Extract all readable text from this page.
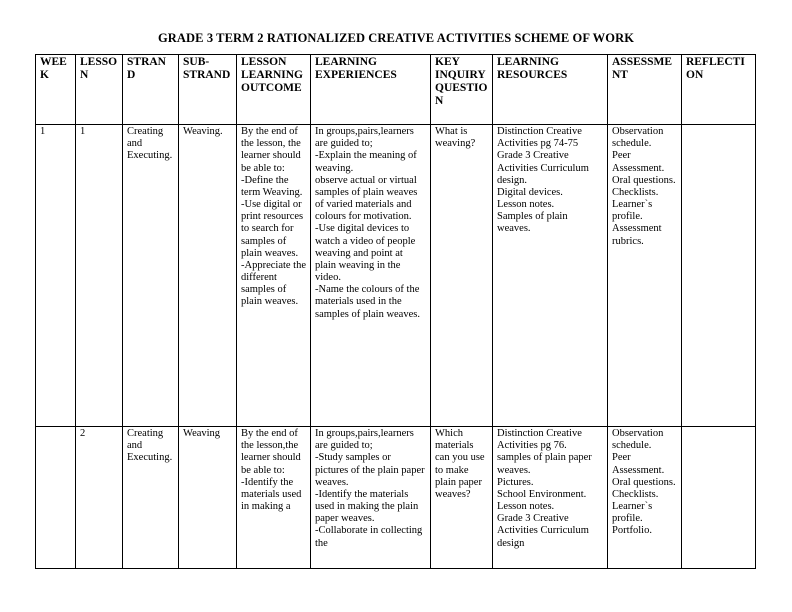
GRADE 3 TERM 2 RATIONALIZED CREATIVE ACTIVITIES SCHEME OF WORK
WEEK	LESSON	STRAND	SUB-STRAND	LESSON LEARNING OUTCOME	LEARNING EXPERIENCES	KEY INQUIRY QUESTION	LEARNING RESOURCES	ASSESSMENT	REFLECTION
1	1	Creating and Executing.	Weaving.	By the end of the lesson, the learner should be able to:
-Define the term Weaving.
-Use digital or print resources to search for samples of plain weaves.
-Appreciate the different samples of plain weaves.	In groups,pairs,learners are guided to;
-Explain the meaning of weaving.
observe actual or virtual samples of plain weaves of varied materials and colours for motivation.
-Use digital devices to watch a video of people weaving and point at plain weaving in the video.
-Name the colours of the materials used in the samples of plain weaves.	What is weaving?	Distinction Creative Activities pg 74-75
Grade 3 Creative Activities Curriculum design.
Digital devices.
Lesson notes.
Samples of plain weaves.	Observation schedule.
Peer Assessment.
Oral questions.
Checklists.
Learner`s profile.
Assessment rubrics.	
	2	Creating and Executing.	Weaving	By the end of the lesson,the learner should be able to:
-Identify the materials used in making a	In groups,pairs,learners are guided to;
-Study samples or pictures of the plain paper weaves.
-Identify the materials used in making the plain paper weaves.
-Collaborate in collecting the	Which materials can you use to make plain paper weaves?	Distinction Creative Activities pg 76.
samples of plain paper weaves.
Pictures.
School Environment.
Lesson notes.
Grade 3 Creative Activities Curriculum design	Observation schedule.
Peer Assessment.
Oral questions.
Checklists.
Learner`s profile.
Portfolio.	
